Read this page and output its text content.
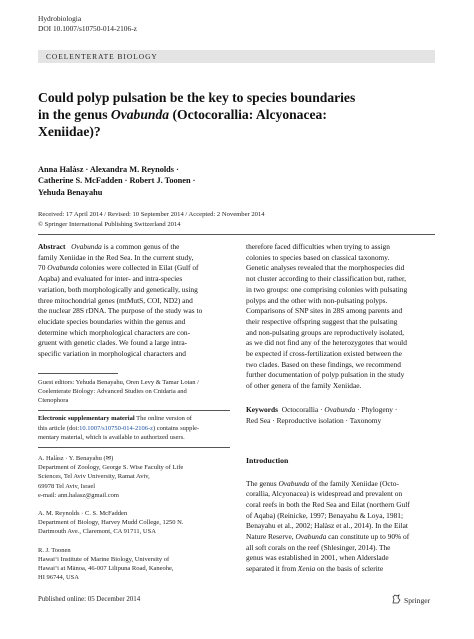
Hydrobiologia
DOI 10.1007/s10750-014-2106-z
COELENTERATE BIOLOGY
Could polyp pulsation be the key to species boundaries
in the genus Ovabunda (Octocorallia: Alcyonacea:
Xeniidae)?
Anna Halàsz · Alexandra M. Reynolds ·
Catherine S. McFadden · Robert J. Toonen ·
Yehuda Benayahu
Received: 17 April 2014 / Revised: 10 September 2014 / Accepted: 2 November 2014
© Springer International Publishing Switzerland 2014

Abstract Ovabunda is a common genus of the

family Xeniidae in the Red Sea. In the current study,

70 Ovabunda colonies were collected in Eilat (Gulf of

Aqaba) and evaluated for inter- and intra-species

variation, both morphologically and genetically, using

three mitochondrial genes (mtMutS, COI, ND2) and

the nuclear 28S rDNA. The purpose of the study was to

elucidate species boundaries within the genus and

determine which morphological characters are con-

gruent with genetic clades. We found a large intra-

specific variation in morphological characters and

Guest editors: Yehuda Benayahu, Oren Levy & Tamar Lotan /
Coelenterate Biology: Advanced Studies on Cnidaria and
Ctenophora
Electronic supplementary material The online version of
this article (doi:10.1007/s10750-014-2106-z) contains supple-
mentary material, which is available to authorized users.
A. Halàsz · Y. Benayahu (✉)
Department of Zoology, George S. Wise Faculty of Life
Sciences, Tel Aviv University, Ramat Aviv,
69978 Tel Aviv, Israel
e-mail: ann.halasz@gmail.com
A. M. Reynolds · C. S. McFadden
Department of Biology, Harvey Mudd College, 1250 N.
Dartmouth Ave., Claremont, CA 91711, USA
R. J. Toonen
Hawai‘i Institute of Marine Biology, University of
Hawai‘i at Mānoa, 46-007 Lilipuna Road, Kaneohe,
HI 96744, USA

therefore faced difficulties when trying to assign

colonies to species based on classical taxonomy.

Genetic analyses revealed that the morphospecies did

not cluster according to their classification but, rather,

in two groups: one comprising colonies with pulsating

polyps and the other with non-pulsating polyps.

Comparisons of SNP sites in 28S among parents and

their respective offspring suggest that the pulsating

and non-pulsating groups are reproductively isolated,

as we did not find any of the heterozygotes that would

be expected if cross-fertilization existed between the

two clades. Based on these findings, we recommend

further documentation of polyp pulsation in the study

of other genera of the family Xeniidae.

Keywords Octocorallia · Ovabunda · Phylogeny ·
Red Sea · Reproductive isolation · Taxonomy
Introduction

The genus Ovabunda of the family Xeniidae (Octo-

corallia, Alcyonacea) is widespread and prevalent on

coral reefs in both the Red Sea and Eilat (northern Gulf

of Aqaba) (Reinicke, 1997; Benayahu & Loya, 1981;

Benayahu et al., 2002; Halàsz et al., 2014). In the Eilat

Nature Reserve, Ovabunda can constitute up to 90% of

all soft corals on the reef (Shlesinger, 2014). The

genus was established in 2001, when Alderslade

separated it from Xenia on the basis of sclerite

Published online: 05 December 2014	Springer
